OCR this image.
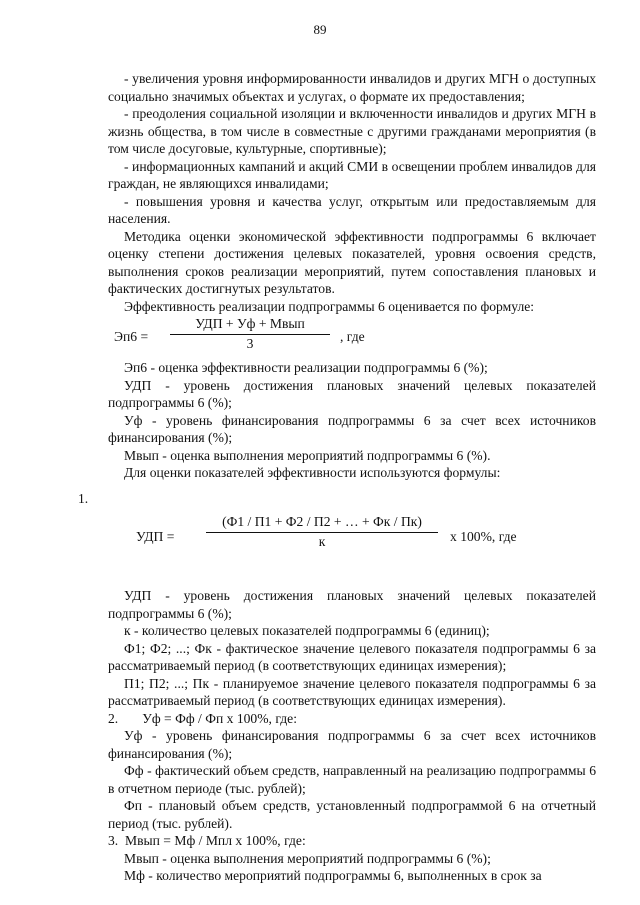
89

- увеличения уровня информированности инвалидов и других МГН о доступных социально значимых объектах и услугах, о формате их предоставления;

- преодоления социальной изоляции и включенности инвалидов и других МГН в жизнь общества, в том числе в совместные с другими гражданами мероприятия (в том числе досуговые, культурные, спортивные);

- информационных кампаний и акций СМИ в освещении проблем инвалидов для граждан, не являющихся инвалидами;

- повышения уровня и качества услуг, открытым или предоставляемым для населения.

Методика оценки экономической эффективности подпрограммы 6 включает оценку степени достижения целевых показателей, уровня освоения средств, выполнения сроков реализации мероприятий, путем сопоставления плановых и фактических достигнутых результатов.

Эффективность реализации подпрограммы 6 оценивается по формуле:

Эп6 =
УДП + Уф + Мвып
3	, где

Эп6 - оценка эффективности реализации подпрограммы 6 (%);

УДП - уровень достижения плановых значений целевых показателей подпрограммы 6 (%);

Уф - уровень финансирования подпрограммы 6 за счет всех источников финансирования (%);

Мвып - оценка выполнения мероприятий подпрограммы 6 (%).

Для оценки показателей эффективности используются формулы:

1.

УДП =
(Ф1 / П1 + Ф2 / П2 + … + Фк / Пк)
к	х 100%, где

УДП - уровень достижения плановых значений целевых показателей подпрограммы 6 (%);

к - количество целевых показателей подпрограммы 6 (единиц);

Ф1; Ф2; ...; Фк - фактическое значение целевого показателя подпрограммы 6 за рассматриваемый период (в соответствующих единицах измерения);

П1; П2; ...; Пк - планируемое значение целевого показателя подпрограммы 6 за рассматриваемый период (в соответствующих единицах измерения).

2. Уф = Фф / Фп х 100%, где:

Уф - уровень финансирования подпрограммы 6 за счет всех источников финансирования (%);

Фф - фактический объем средств, направленный на реализацию подпрограммы 6 в отчетном периоде (тыс. рублей);

Фп - плановый объем средств, установленный подпрограммой 6 на отчетный период (тыс. рублей).

3. Мвып = Мф / Мпл х 100%, где:

Мвып - оценка выполнения мероприятий подпрограммы 6 (%);

Мф - количество мероприятий подпрограммы 6, выполненных в срок за
